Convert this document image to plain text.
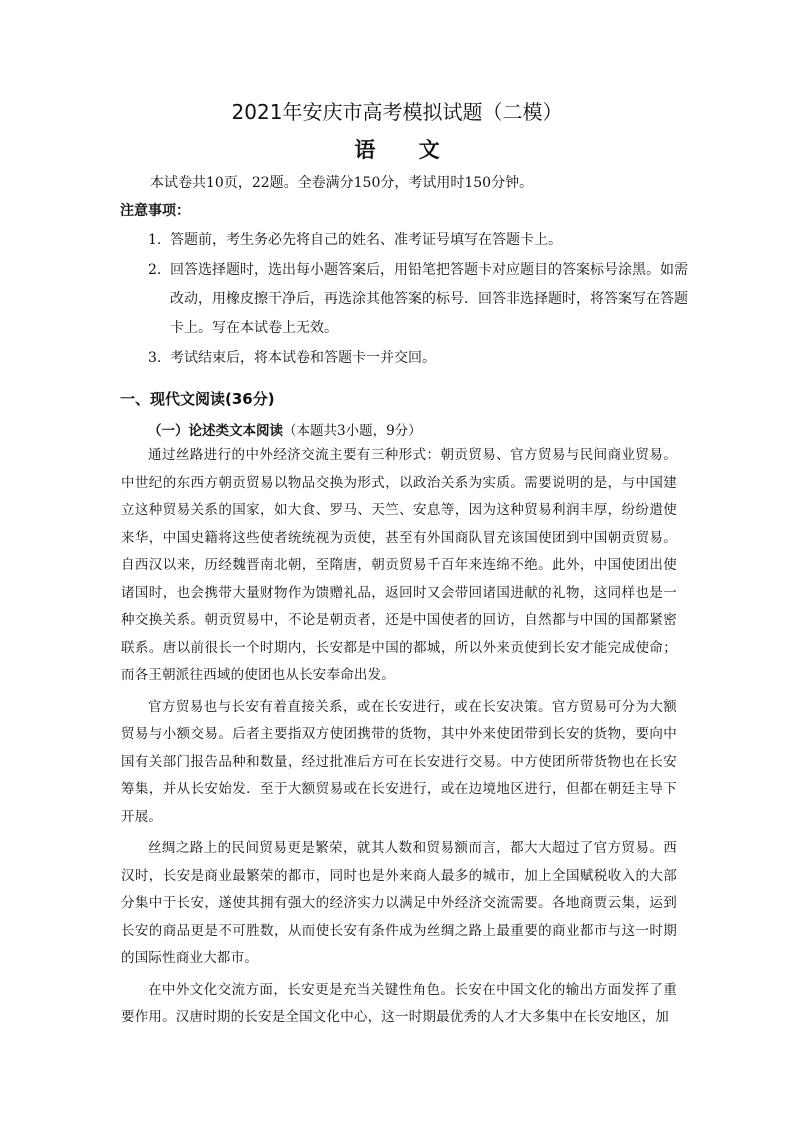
2021年安庆市高考模拟试题（二模）
语 文
本试卷共10页，22题。全卷满分150分，考试用时150分钟。
注意事项：
1. 答题前，考生务必先将自己的姓名、准考证号填写在答题卡上。
2. 回答选择题时，选出每小题答案后，用铅笔把答题卡对应题目的答案标号涂黑。如需改动，用橡皮擦干净后，再选涂其他答案的标号．回答非选择题时，将答案写在答题卡上。写在本试卷上无效。
3. 考试结束后，将本试卷和答题卡一并交回。
一、现代文阅读(36分)
（一）论述类文本阅读（本题共3小题，9分）

通过丝路进行的中外经济交流主要有三种形式：朝贡贸易、官方贸易与民间商业贸易。中世纪的东西方朝贡贸易以物品交换为形式，以政治关系为实质。需要说明的是，与中国建立这种贸易关系的国家，如大食、罗马、天竺、安息等，因为这种贸易利润丰厚，纷纷遣使来华，中国史籍将这些使者统统视为贡使，甚至有外国商队冒充该国使团到中国朝贡贸易。自西汉以来，历经魏晋南北朝，至隋唐，朝贡贸易千百年来连绵不绝。此外，中国使团出使诸国时，也会携带大量财物作为馈赠礼品，返回时又会带回诸国进献的礼物，这同样也是一种交换关系。朝贡贸易中，不论是朝贡者，还是中国使者的回访，自然都与中国的国都紧密联系。唐以前很长一个时期内，长安都是中国的都城，所以外来贡使到长安才能完成使命；而各王朝派往西域的使团也从长安奉命出发。

官方贸易也与长安有着直接关系，或在长安进行，或在长安决策。官方贸易可分为大额贸易与小额交易。后者主要指双方使团携带的货物，其中外来使团带到长安的货物，要向中国有关部门报告品种和数量，经过批准后方可在长安进行交易。中方使团所带货物也在长安筹集，并从长安始发．至于大额贸易或在长安进行，或在边境地区进行，但都在朝廷主导下开展。

丝绸之路上的民间贸易更是繁荣，就其人数和贸易额而言，都大大超过了官方贸易。西汉时，长安是商业最繁荣的都市，同时也是外来商人最多的城市，加上全国赋税收入的大部分集中于长安，遂使其拥有强大的经济实力以满足中外经济交流需要。各地商贾云集，运到长安的商品更是不可胜数，从而使长安有条件成为丝绸之路上最重要的商业都市与这一时期的国际性商业大都市。

在中外文化交流方面，长安更是充当关键性角色。长安在中国文化的输出方面发挥了重要作用。汉唐时期的长安是全国文化中心，这一时期最优秀的人才大多集中在长安地区，加
